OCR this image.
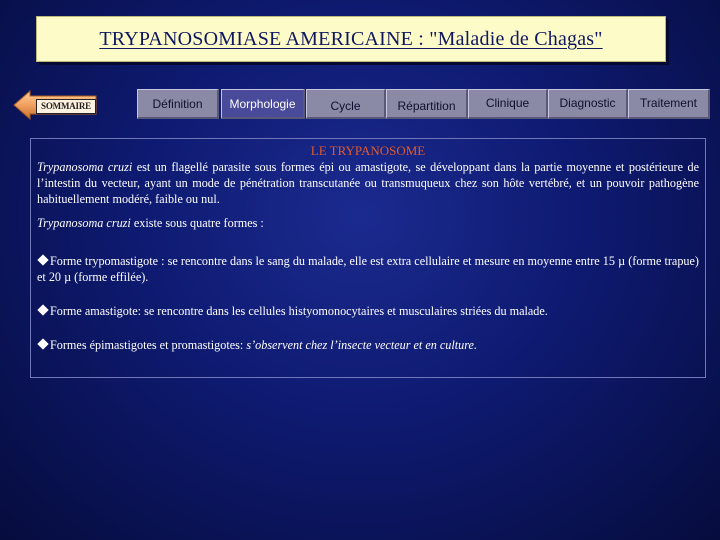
TRYPANOSOMIASE AMERICAINE : "Maladie de Chagas"
SOMMAIRE	Définition Morphologie	Cycle	Répartition	Clinique	Diagnostic Traitement
LE TRYPANOSOME
Trypanosoma cruzi est un flagellé parasite sous formes épi ou amastigote, se développant dans la partie moyenne et postérieure de l’intestin du vecteur, ayant un mode de pénétration transcutanée ou transmuqueux chez son hôte vertébré, et un pouvoir pathogène habituellement modéré, faible ou nul.
Trypanosoma cruzi existe sous quatre formes :
Forme trypomastigote : se rencontre dans le sang du malade, elle est extra cellulaire et mesure en moyenne entre 15 µ (forme trapue) et 20 µ (forme effilée).
Forme amastigote: se rencontre dans les cellules histyomonocytaires et musculaires striées du malade.
Formes épimastigotes et promastigotes: s’observent chez l’insecte vecteur et en culture.
